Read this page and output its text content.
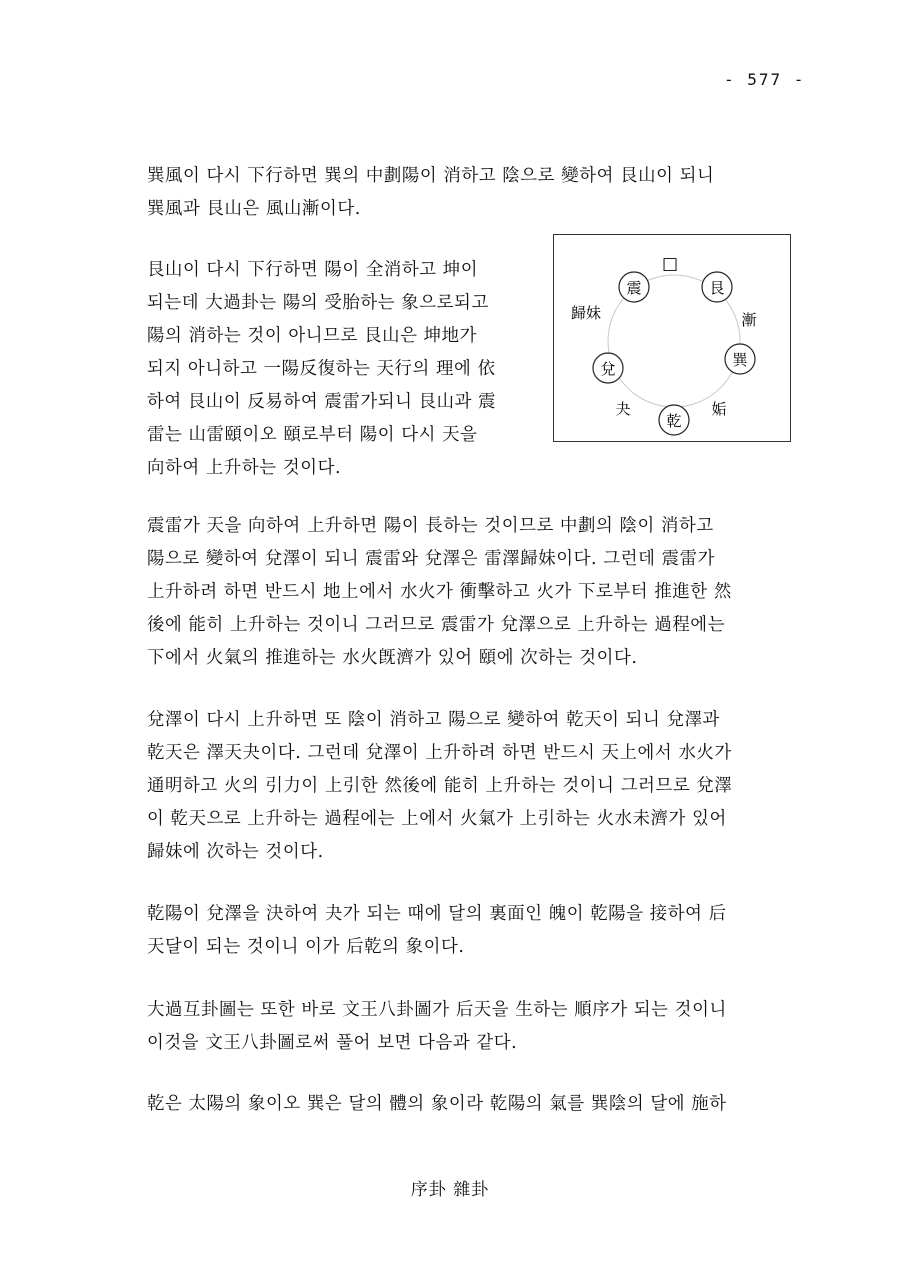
- 577 -
巽風이 다시 下行하면 巽의 中劃陽이 消하고 陰으로 變하여 艮山이 되니
巽風과 艮山은 風山漸이다.
艮山이 다시 下行하면 陽이 全消하고 坤이
되는데 大過卦는 陽의 受胎하는 象으로되고
陽의 消하는 것이 아니므로 艮山은 坤地가
되지 아니하고 一陽反復하는 天行의 理에 依
하여 艮山이 反易하여 震雷가되니 艮山과 震
雷는 山雷頤이오 頤로부터 陽이 다시 天을
向하여 上升하는 것이다.
□
震	艮
巽
乾
兌
歸妹	漸
姤
夬
震雷가 天을 向하여 上升하면 陽이 長하는 것이므로 中劃의 陰이 消하고
陽으로 變하여 兌澤이 되니 震雷와 兌澤은 雷澤歸妹이다. 그런데 震雷가
上升하려 하면 반드시 地上에서 水火가 衝擊하고 火가 下로부터 推進한 然
後에 能히 上升하는 것이니 그러므로 震雷가 兌澤으로 上升하는 過程에는
下에서 火氣의 推進하는 水火旣濟가 있어 頤에 次하는 것이다.
兌澤이 다시 上升하면 또 陰이 消하고 陽으로 變하여 乾天이 되니 兌澤과
乾天은 澤天夬이다. 그런데 兌澤이 上升하려 하면 반드시 天上에서 水火가
通明하고 火의 引力이 上引한 然後에 能히 上升하는 것이니 그러므로 兌澤
이 乾天으로 上升하는 過程에는 上에서 火氣가 上引하는 火水未濟가 있어
歸妹에 次하는 것이다.
乾陽이 兌澤을 決하여 夬가 되는 때에 달의 裏面인 魄이 乾陽을 接하여 后
天달이 되는 것이니 이가 后乾의 象이다.
大過互卦圖는 또한 바로 文王八卦圖가 后天을 生하는 順序가 되는 것이니
이것을 文王八卦圖로써 풀어 보면 다음과 같다.
乾은 太陽의 象이오 巽은 달의 體의 象이라 乾陽의 氣를 巽陰의 달에 施하
序卦 雜卦
